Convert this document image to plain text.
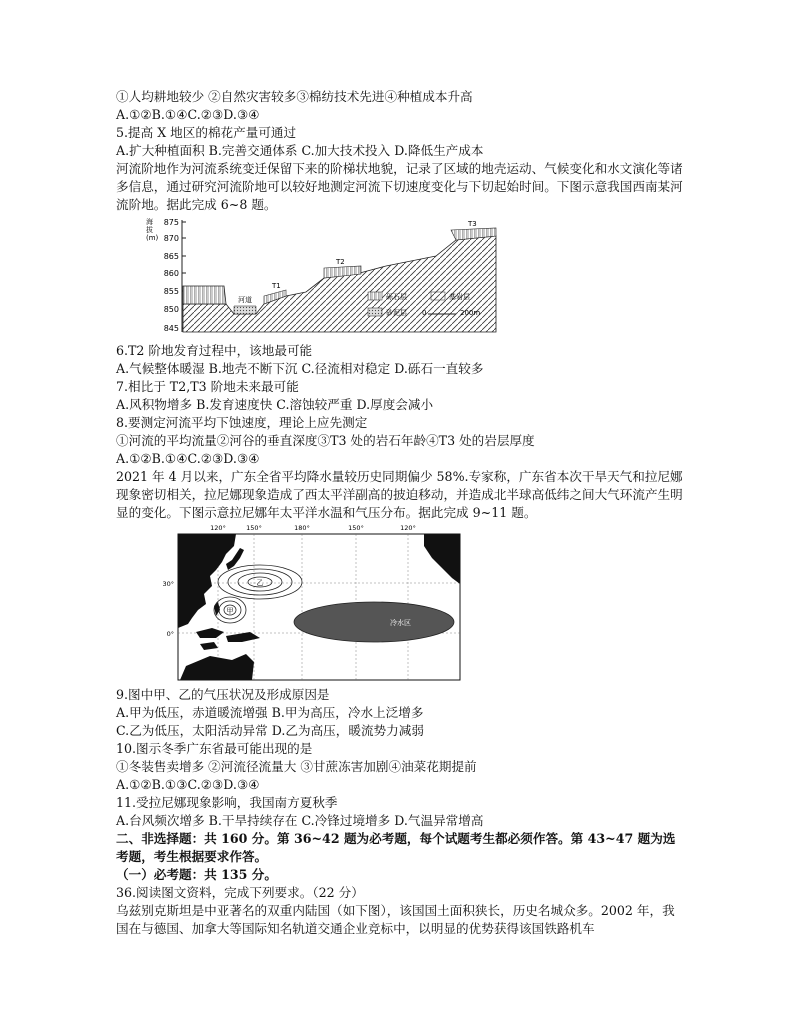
①人均耕地较少 ②自然灾害较多③棉纺技术先进④种植成本升高

A.①②B.①④C.②③D.③④

5.提高 X 地区的棉花产量可通过

A.扩大种植面积 B.完善交通体系 C.加大技术投入 D.降低生产成本

河流阶地作为河流系统变迁保留下来的阶梯状地貌，记录了区域的地壳运动、气候变化和水文演化等诸多信息，通过研究河流阶地可以较好地测定河流下切速度变化与下切起始时间。下图示意我国西南某河流阶地。据此完成 6~8 题。

海
拔
(m)
875
870
865
860
855
850
845
河道
T1
T2
T3
砾石层	基岩层
砂泥层 0	200m

6.T2 阶地发育过程中，该地最可能

A.气候整体暖湿 B.地壳不断下沉 C.径流相对稳定 D.砾石一直较多

7.相比于 T2,T3 阶地未来最可能

A.风积物增多 B.发育速度快 C.溶蚀较严重 D.厚度会减小

8.要测定河流平均下蚀速度，理论上应先测定

①河流的平均流量②河谷的垂直深度③T3 处的岩石年龄④T3 处的岩层厚度

A.①②B.①④C.②③D.③④

2021 年 4 月以来，广东全省平均降水量较历史同期偏少 58%.专家称，广东省本次干旱天气和拉尼娜现象密切相关，拉尼娜现象造成了西太平洋副高的披迫移动，并造成北半球高低纬之间大气环流产生明显的变化。下图示意拉尼娜年太平洋水温和气压分布。据此完成 9~11 题。

120°	150°	180°	150°	120°
30°
0°
乙
甲
冷水区

9.图中甲、乙的气压状况及形成原因是

A.甲为低压，赤道暖流增强 B.甲为高压，冷水上泛增多

C.乙为低压，太阳活动异常 D.乙为高压，暖流势力减弱

10.图示冬季广东省最可能出现的是

①冬装售卖增多 ②河流径流量大 ③甘蔗冻害加剧④油菜花期提前

A.①②B.①③C.②③D.③④

11.受拉尼娜现象影响，我国南方夏秋季

A.台风频次增多 B.干旱持续存在 C.冷锋过境增多 D.气温异常增高

二、非选择题：共 160 分。第 36~42 题为必考题，每个试题考生都必须作答。第 43~47 题为选考题，考生根据要求作答。

（一）必考题：共 135 分。

36.阅读图文资料，完成下列要求。（22 分）

乌兹别克斯坦是中亚著名的双重内陆国（如下图），该国国土面积狭长，历史名城众多。2002 年，我国在与德国、加拿大等国际知名轨道交通企业竞标中，以明显的优势获得该国铁路机车
